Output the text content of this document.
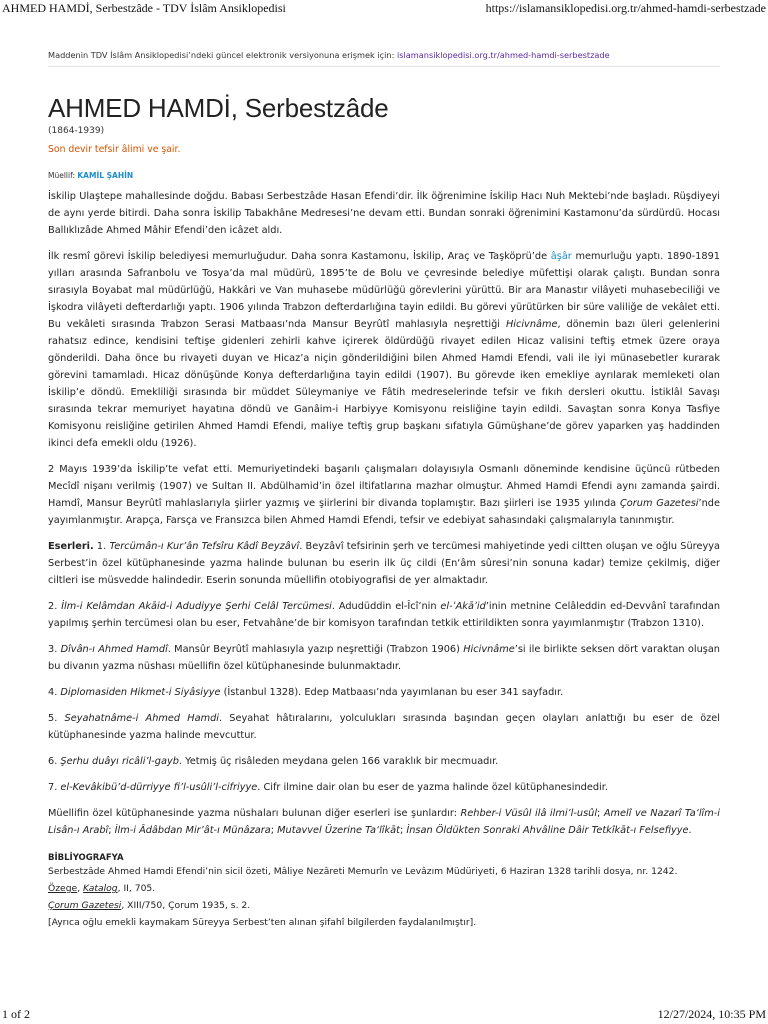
AHMED HAMDİ, Serbestzâde - TDV İslâm Ansiklopedisi	https://islamansiklopedisi.org.tr/ahmed-hamdi-serbestzade
Maddenin TDV İslâm Ansiklopedisi’ndeki güncel elektronik versiyonuna erişmek için: islamansiklopedisi.org.tr/ahmed-hamdi-serbestzade
AHMED HAMDİ, Serbestzâde
(1864-1939)
Son devir tefsir âlimi ve şair.
Müellif: KAMİL ŞAHİN

İskilip Ulaştepe mahallesinde doğdu. Babası Serbestzâde Hasan Efendi’dir. İlk öğrenimine İskilip Hacı Nuh Mektebi’nde başladı. Rüşdiyeyi de aynı yerde bitirdi. Daha sonra İskilip Tabakhâne Medresesi’ne devam etti. Bundan sonraki öğrenimini Kastamonu’da sürdürdü. Hocası Ballıklızâde Ahmed Mâhir Efendi’den icâzet aldı.

İlk resmî görevi İskilip belediyesi memurluğudur. Daha sonra Kastamonu, İskilip, Araç ve Taşköprü’de âşâr memurluğu yaptı. 1890-1891 yılları arasında Safranbolu ve Tosya’da mal müdürü, 1895’te de Bolu ve çevresinde belediye müfettişi olarak çalıştı. Bundan sonra sırasıyla Boyabat mal müdürlüğü, Hakkâri ve Van muhasebe müdürlüğü görevlerini yürüttü. Bir ara Manastır vilâyeti muhasebeciliği ve İşkodra vilâyeti defterdarlığı yaptı. 1906 yılında Trabzon defterdarlığına tayin edildi. Bu görevi yürütürken bir süre valiliğe de vekâlet etti. Bu vekâleti sırasında Trabzon Serasi Matbaası’nda Mansur Beyrûtî mahlasıyla neşrettiği Hicivnâme, dönemin bazı üleri gelenlerini rahatsız edince, kendisini teftişe gidenleri zehirli kahve içirerek öldürdüğü rivayet edilen Hicaz valisini teftiş etmek üzere oraya gönderildi. Daha önce bu rivayeti duyan ve Hicaz’a niçin gönderildiğini bilen Ahmed Hamdi Efendi, vali ile iyi münasebetler kurarak görevini tamamladı. Hicaz dönüşünde Konya defterdarlığına tayin edildi (1907). Bu görevde iken emekliye ayrılarak memleketi olan İskilip’e döndü. Emekliliği sırasında bir müddet Süleymaniye ve Fâtih medreselerinde tefsir ve fıkıh dersleri okuttu. İstiklâl Savaşı sırasında tekrar memuriyet hayatına döndü ve Ganâim-i Harbiyye Komisyonu reisliğine tayin edildi. Savaştan sonra Konya Tasfiye Komisyonu reisliğine getirilen Ahmed Hamdi Efendi, maliye teftiş grup başkanı sıfatıyla Gümüşhane’de görev yaparken yaş haddinden ikinci defa emekli oldu (1926).

2 Mayıs 1939’da İskilip’te vefat etti. Memuriyetindeki başarılı çalışmaları dolayısıyla Osmanlı döneminde kendisine üçüncü rütbeden Mecîdî nişanı verilmiş (1907) ve Sultan II. Abdülhamid’in özel iltifatlarına mazhar olmuştur. Ahmed Hamdi Efendi aynı zamanda şairdi. Hamdî, Mansur Beyrûtî mahlaslarıyla şiirler yazmış ve şiirlerini bir divanda toplamıştır. Bazı şiirleri ise 1935 yılında Çorum Gazetesi’nde yayımlanmıştır. Arapça, Farsça ve Fransızca bilen Ahmed Hamdi Efendi, tefsir ve edebiyat sahasındaki çalışmalarıyla tanınmıştır.

Eserleri. 1. Tercümân-ı Kur’ân Tefsîru Kâdî Beyzâvî. Beyzâvî tefsirinin şerh ve tercümesi mahiyetinde yedi ciltten oluşan ve oğlu Süreyya Serbest’in özel kütüphanesinde yazma halinde bulunan bu eserin ilk üç cildi (En‘âm sûresi’nin sonuna kadar) temize çekilmiş, diğer ciltleri ise müsvedde halindedir. Eserin sonunda müellifin otobiyografisi de yer almaktadır.

2. İlm-i Kelâmdan Akāid-i Adudiyye Şerhi Celâl Tercümesi. Adudüddin el-Îcî’nin el-ʿAkāʾid’inin metnine Celâleddin ed-Devvânî tarafından yapılmış şerhin tercümesi olan bu eser, Fetvahâne’de bir komisyon tarafından tetkik ettirildikten sonra yayımlanmıştır (Trabzon 1310).

3. Dîvân-ı Ahmed Hamdî. Mansûr Beyrûtî mahlasıyla yazıp neşrettiği (Trabzon 1906) Hicivnâme’si ile birlikte seksen dört varaktan oluşan bu divanın yazma nüshası müellifin özel kütüphanesinde bulunmaktadır.

4. Diplomasiden Hikmet-i Siyâsiyye (İstanbul 1328). Edep Matbaası’nda yayımlanan bu eser 341 sayfadır.

5. Seyahatnâme-i Ahmed Hamdi. Seyahat hâtıralarını, yolculukları sırasında başından geçen olayları anlattığı bu eser de özel kütüphanesinde yazma halinde mevcuttur.

6. Şerhu duâyı ricâli’l-gayb. Yetmiş üç risâleden meydana gelen 166 varaklık bir mecmuadır.

7. el-Kevâkibü’d-dürriyye fi’l-usûli’l-cifriyye. Cifr ilmine dair olan bu eser de yazma halinde özel kütüphanesindedir.

Müellifin özel kütüphanesinde yazma nüshaları bulunan diğer eserleri ise şunlardır: Rehber-i Vüsûl ilâ ilmi’l-usûl; Amelî ve Nazarî Ta‘lîm-i Lisân-ı Arabî; İlm-i Âdâbdan Mir’ât-ı Münâzara; Mutavvel Üzerine Ta‘lîkāt; İnsan Öldükten Sonraki Ahvâline Dâir Tetkîkāt-ı Felsefiyye.

BİBLİYOGRAFYA
Serbestzâde Ahmed Hamdi Efendi’nin sicil özeti, Mâliye Nezâreti Memurîn ve Levâzım Müdüriyeti, 6 Haziran 1328 tarihli dosya, nr. 1242.
Özege, Katalog, II, 705.
Çorum Gazetesi, XIII/750, Çorum 1935, s. 2.
[Ayrıca oğlu emekli kaymakam Süreyya Serbest’ten alınan şifahî bilgilerden faydalanılmıştır].
1 of 2	12/27/2024, 10:35 PM
